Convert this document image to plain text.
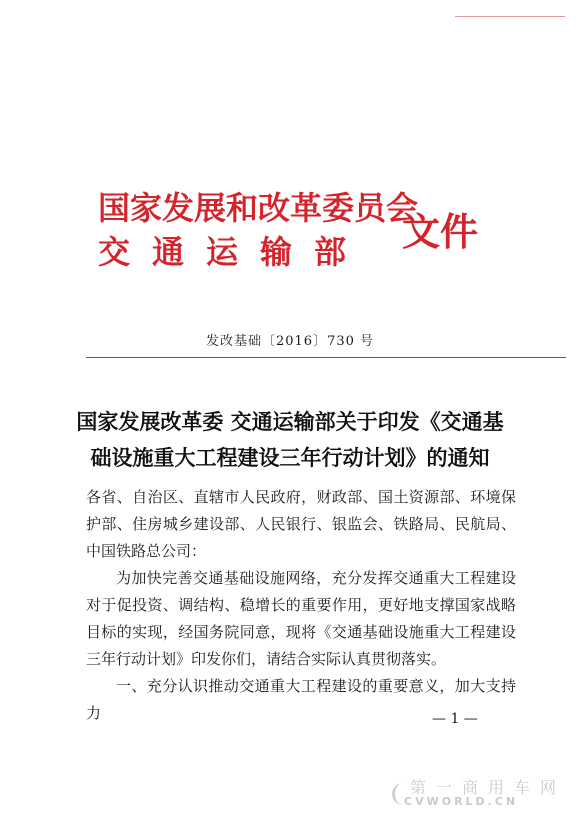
国家发展和改革委员会
交通运输部 文件
发改基础〔2016〕730 号
国家发展改革委 交通运输部关于印发《交通基础设施重大工程建设三年行动计划》的通知

各省、自治区、直辖市人民政府，财政部、国土资源部、环境保护部、住房城乡建设部、人民银行、银监会、铁路局、民航局、中国铁路总公司：

为加快完善交通基础设施网络，充分发挥交通重大工程建设对于促投资、调结构、稳增长的重要作用，更好地支撑国家战略目标的实现，经国务院同意，现将《交通基础设施重大工程建设三年行动计划》印发你们，请结合实际认真贯彻落实。

一、充分认识推动交通重大工程建设的重要意义，加大支持力	— 1 —
第一商用车网
CVWORLD.CN
